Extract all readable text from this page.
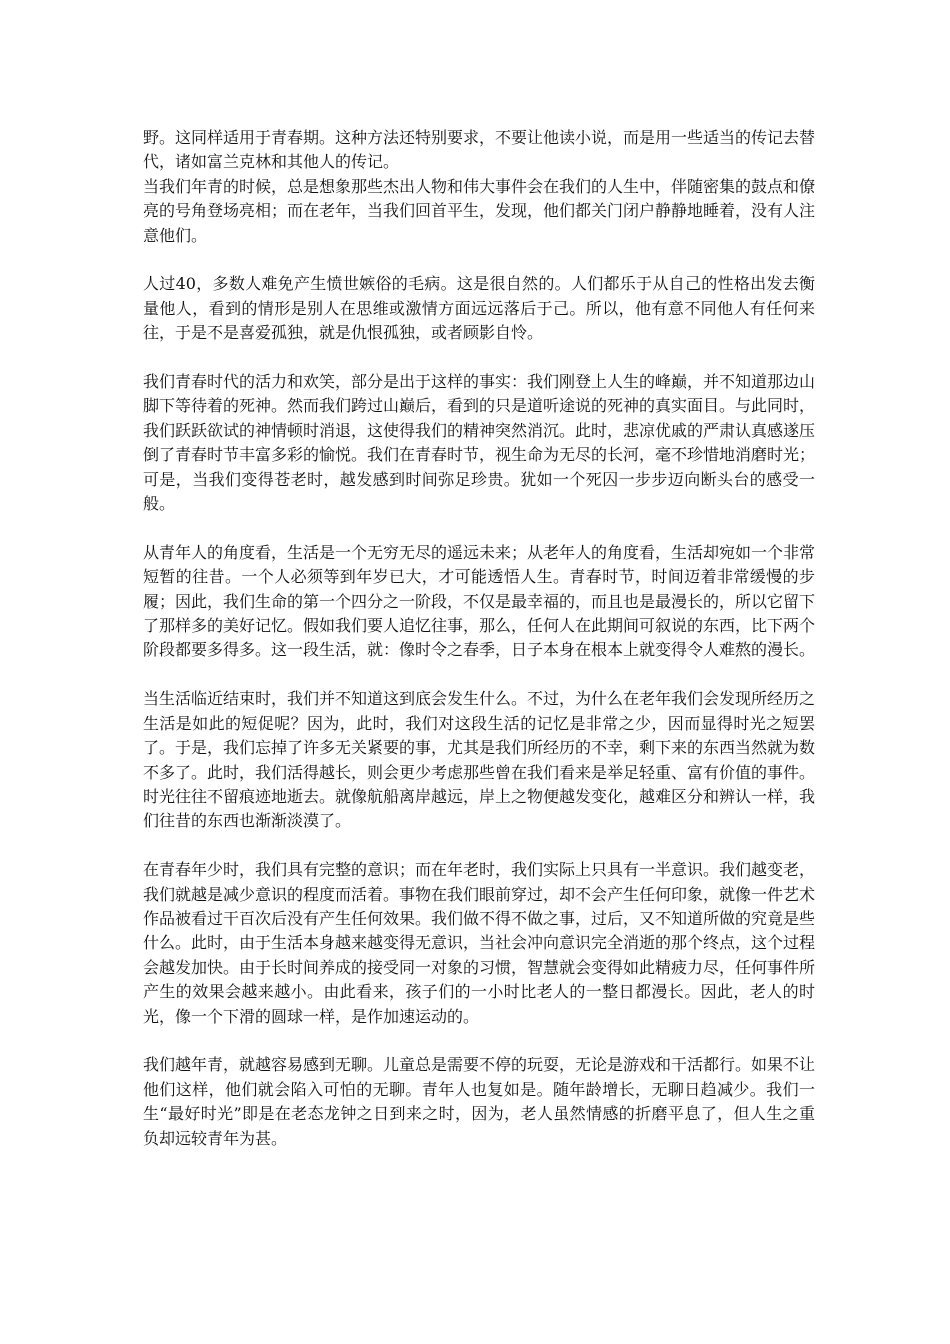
野。这同样适用于青春期。这种方法还特别要求，不要让他读小说，而是用一些适当的传记去替代，诸如富兰克林和其他人的传记。

当我们年青的时候，总是想象那些杰出人物和伟大事件会在我们的人生中，伴随密集的鼓点和僚亮的号角登场亮相；而在老年，当我们回首平生，发现，他们都关门闭户静静地睡着，没有人注意他们。

人过40，多数人难免产生愤世嫉俗的毛病。这是很自然的。人们都乐于从自己的性格出发去衡量他人，看到的情形是别人在思维或激情方面远远落后于己。所以，他有意不同他人有任何来往，于是不是喜爱孤独，就是仇恨孤独，或者顾影自怜。

我们青春时代的活力和欢笑，部分是出于这样的事实：我们刚登上人生的峰巅，并不知道那边山脚下等待着的死神。然而我们跨过山巅后，看到的只是道听途说的死神的真实面目。与此同时，我们跃跃欲试的神情顿时消退，这使得我们的精神突然消沉。此时，悲凉优戚的严肃认真感遂压倒了青春时节丰富多彩的愉悦。我们在青春时节，视生命为无尽的长河，毫不珍惜地消磨时光；可是，当我们变得苍老时，越发感到时间弥足珍贵。犹如一个死囚一步步迈向断头台的感受一般。

从青年人的角度看，生活是一个无穷无尽的遥远未来；从老年人的角度看，生活却宛如一个非常短暂的往昔。一个人必须等到年岁已大，才可能透悟人生。青春时节，时间迈着非常缓慢的步履；因此，我们生命的第一个四分之一阶段，不仅是最幸福的，而且也是最漫长的，所以它留下了那样多的美好记忆。假如我们要人追忆往事，那么，任何人在此期间可叙说的东西，比下两个阶段都要多得多。这一段生活，就：像时令之春季，日子本身在根本上就变得令人难熬的漫长。

当生活临近结束时，我们并不知道这到底会发生什么。不过，为什么在老年我们会发现所经历之生活是如此的短促呢？因为，此时，我们对这段生活的记忆是非常之少，因而显得时光之短罢了。于是，我们忘掉了许多无关紧要的事，尤其是我们所经历的不幸，剩下来的东西当然就为数不多了。此时，我们活得越长，则会更少考虑那些曾在我们看来是举足轻重、富有价值的事件。时光往往不留痕迹地逝去。就像航船离岸越远，岸上之物便越发变化，越难区分和辨认一样，我们往昔的东西也渐渐淡漠了。

在青春年少时，我们具有完整的意识；而在年老时，我们实际上只具有一半意识。我们越变老，我们就越是减少意识的程度而活着。事物在我们眼前穿过，却不会产生任何印象，就像一件艺术作品被看过干百次后没有产生任何效果。我们做不得不做之事，过后，又不知道所做的究竟是些什么。此时，由于生活本身越来越变得无意识，当社会冲向意识完全消逝的那个终点，这个过程会越发加快。由于长时间养成的接受同一对象的习惯，智慧就会变得如此精疲力尽，任何事件所产生的效果会越来越小。由此看来，孩子们的一小时比老人的一整日都漫长。因此，老人的时光，像一个下滑的圆球一样，是作加速运动的。

我们越年青，就越容易感到无聊。儿童总是需要不停的玩耍，无论是游戏和干活都行。如果不让他们这样，他们就会陷入可怕的无聊。青年人也复如是。随年龄增长，无聊日趋减少。我们一生“最好时光”即是在老态龙钟之日到来之时，因为，老人虽然情感的折磨平息了，但人生之重负却远较青年为甚。
